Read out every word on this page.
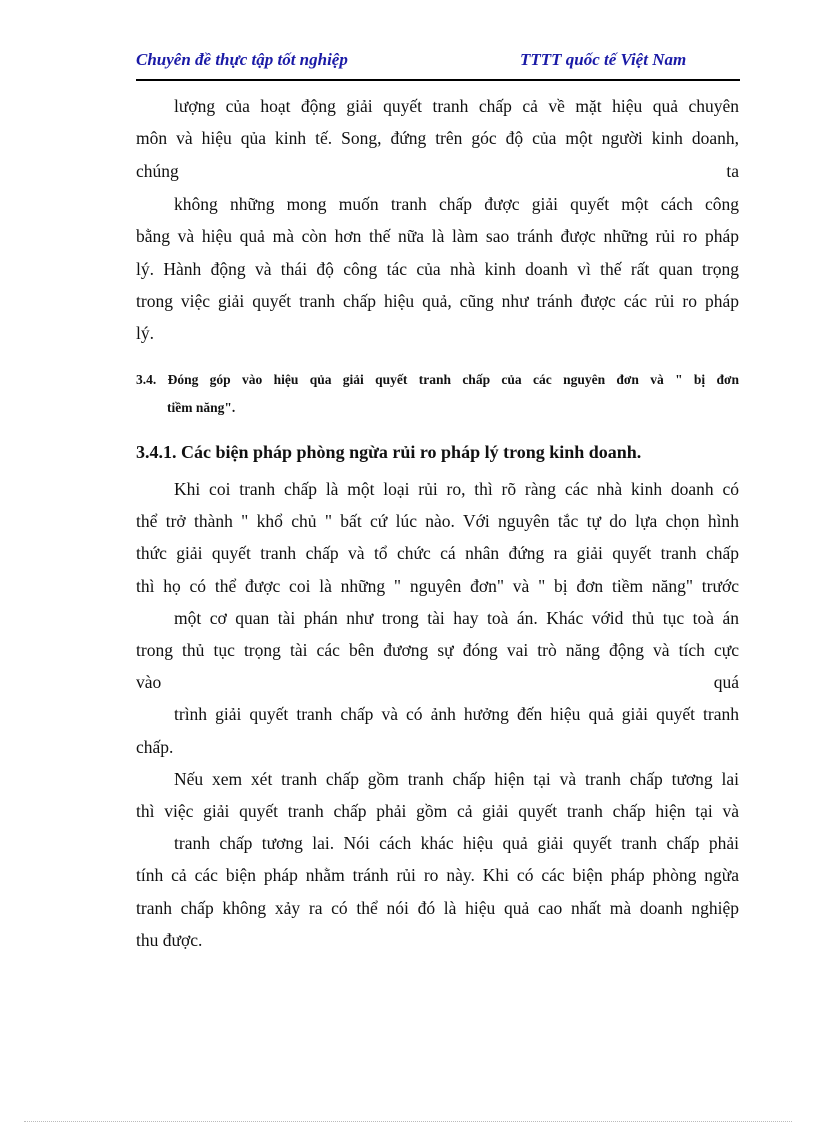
Chuyên đề thực tập tốt nghiệp	TTTT quốc tế Việt Nam
lượng của hoạt động giải quyết tranh chấp cả về mặt hiệu quả chuyên
môn và hiệu qủa kinh tế. Song, đứng trên góc độ của một người kinh doanh,
chúng	ta
không những mong muốn tranh chấp được giải quyết một cách công
bằng và hiệu quả mà còn hơn thế nữa là làm sao tránh được những rủi ro pháp
lý. Hành động và thái độ công tác của nhà kinh doanh vì thế rất quan trọng
trong việc giải quyết tranh chấp hiệu quả, cũng như tránh được các rủi ro pháp
lý.
3.4. Đóng góp vào hiệu qủa giải quyết tranh chấp của các nguyên đơn và " bị đơn
tiềm năng".
3.4.1. Các biện pháp phòng ngừa rủi ro pháp lý trong kinh doanh.
Khi coi tranh chấp là một loại rủi ro, thì rõ ràng các nhà kinh doanh có
thể trở thành " khổ chủ " bất cứ lúc nào. Với nguyên tắc tự do lựa chọn hình
thức giải quyết tranh chấp và tổ chức cá nhân đứng ra giải quyết tranh chấp
thì họ có thể được coi là những " nguyên đơn" và " bị đơn tiềm năng" trước
một cơ quan tài phán như trong tài hay toà án. Khác vớid thủ tục toà án
trong thủ tục trọng tài các bên đương sự đóng vai trò năng động và tích cực
vào	quá
trình giải quyết tranh chấp và có ảnh hưởng đến hiệu quả giải quyết tranh
chấp.
Nếu xem xét tranh chấp gồm tranh chấp hiện tại và tranh chấp tương lai
thì việc giải quyết tranh chấp phải gồm cả giải quyết tranh chấp hiện tại và
tranh chấp tương lai. Nói cách khác hiệu quả giải quyết tranh chấp phải
tính cả các biện pháp nhằm tránh rủi ro này. Khi có các biện pháp phòng ngừa
tranh chấp không xảy ra có thể nói đó là hiệu quả cao nhất mà doanh nghiệp
thu được.
